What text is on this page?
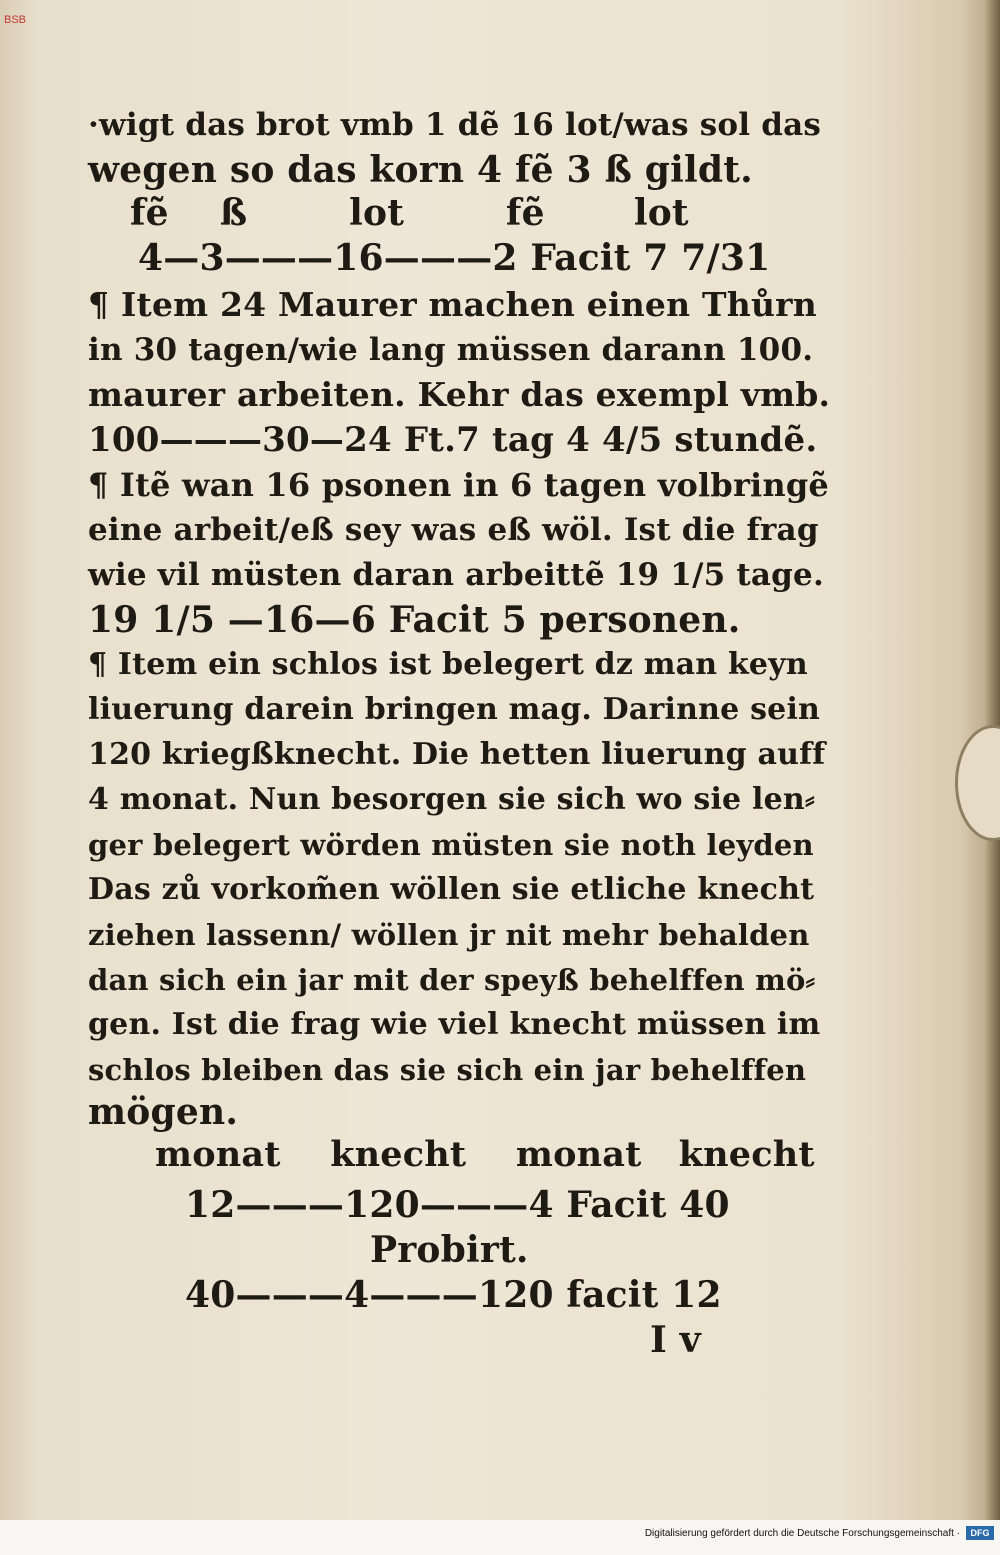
BSB
·wigt das brot vmb 1 dẽ 16 lot/was sol das
wegen so das korn 4 fẽ 3 ß gildt.
fẽ    ß        lot        fẽ       lot
4—3———16———2 Facit 7 7/31
¶ Item 24 Maurer machen einen Thůrn
in 30 tagen/wie lang müssen darann 100.
maurer arbeiten. Kehr das exempl vmb.
100———30—24 Ft.7 tag 4 4/5 stundẽ.
¶ Itẽ wan 16 psonen in 6 tagen volbringẽ
eine arbeit/eß sey was eß wöl. Ist die frag
wie vil müsten daran arbeittẽ 19 1/5 tage.
19 1/5 —16—6 Facit 5 personen.
¶ Item ein schlos ist belegert dz man keyn
liuerung darein bringen mag. Darinne sein
120 kriegßknecht. Die hetten liuerung auff
4 monat. Nun besorgen sie sich wo sie len⸗
ger belegert wörden müsten sie noth leyden
Das zů vorkom̃en wöllen sie etliche knecht
ziehen lassenn/ wöllen jr nit mehr behalden
dan sich ein jar mit der speyß behelffen mö⸗
gen. Ist die frag wie viel knecht müssen im
schlos bleiben das sie sich ein jar behelffen
mögen.
monat    knecht    monat   knecht
12———120———4 Facit 40
Probirt.
40———4———120 facit 12
I v
Digitalisierung gefördert durch die Deutsche Forschungsgemeinschaft ·	DFG
